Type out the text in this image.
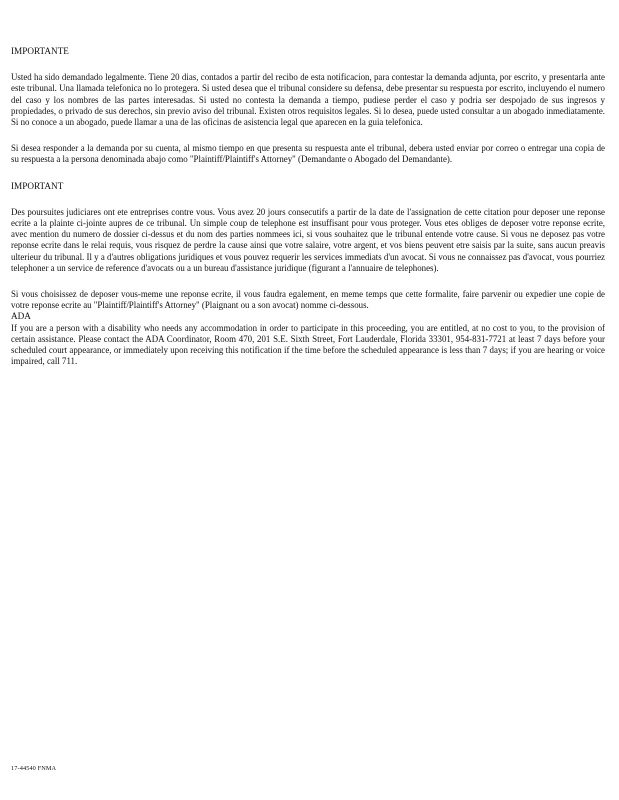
IMPORTANTE

Usted ha sido demandado legalmente. Tiene 20 dias, contados a partir del recibo de esta notificacion, para contestar la demanda adjunta, por escrito, y presentarla ante este tribunal. Una llamada telefonica no lo protegera. Si usted desea que el tribunal considere su defensa, debe presentar su respuesta por escrito, incluyendo el numero del caso y los nombres de las partes interesadas. Si usted no contesta la demanda a tiempo, pudiese perder el caso y podria ser despojado de sus ingresos y propiedades, o privado de sus derechos, sin previo aviso del tribunal. Existen otros requisitos legales. Si lo desea, puede usted consultar a un abogado inmediatamente. Si no conoce a un abogado, puede llamar a una de las oficinas de asistencia legal que aparecen en la guia telefonica.

Si desea responder a la demanda por su cuenta, al mismo tiempo en que presenta su respuesta ante el tribunal, debera usted enviar por correo o entregar una copia de su respuesta a la persona denominada abajo como "Plaintiff/Plaintiff's Attorney" (Demandante o Abogado del Demandante).

IMPORTANT

Des poursuites judiciares ont ete entreprises contre vous. Vous avez 20 jours consecutifs a partir de la date de l'assignation de cette citation pour deposer une reponse ecrite a la plainte ci-jointe aupres de ce tribunal. Un simple coup de telephone est insuffisant pour vous proteger. Vous etes obliges de deposer votre reponse ecrite, avec mention du numero de dossier ci-dessus et du nom des parties nommees ici, si vous souhaitez que le tribunal entende votre cause. Si vous ne deposez pas votre reponse ecrite dans le relai requis, vous risquez de perdre la cause ainsi que votre salaire, votre argent, et vos biens peuvent etre saisis par la suite, sans aucun preavis ulterieur du tribunal. Il y a d'autres obligations juridiques et vous pouvez requerir les services immediats d'un avocat. Si vous ne connaissez pas d'avocat, vous pourriez telephoner a un service de reference d'avocats ou a un bureau d'assistance juridique (figurant a l'annuaire de telephones).

Si vous choisissez de deposer vous-meme une reponse ecrite, il vous faudra egalement, en meme temps que cette formalite, faire parvenir ou expedier une copie de votre reponse ecrite au "Plaintiff/Plaintiff's Attorney" (Plaignant ou a son avocat) nomme ci-dessous.

ADA

If you are a person with a disability who needs any accommodation in order to participate in this proceeding, you are entitled, at no cost to you, to the provision of certain assistance. Please contact the ADA Coordinator, Room 470, 201 S.E. Sixth Street, Fort Lauderdale, Florida 33301, 954-831-7721 at least 7 days before your scheduled court appearance, or immediately upon receiving this notification if the time before the scheduled appearance is less than 7 days; if you are hearing or voice impaired, call 711.

17-44540 FNMA
